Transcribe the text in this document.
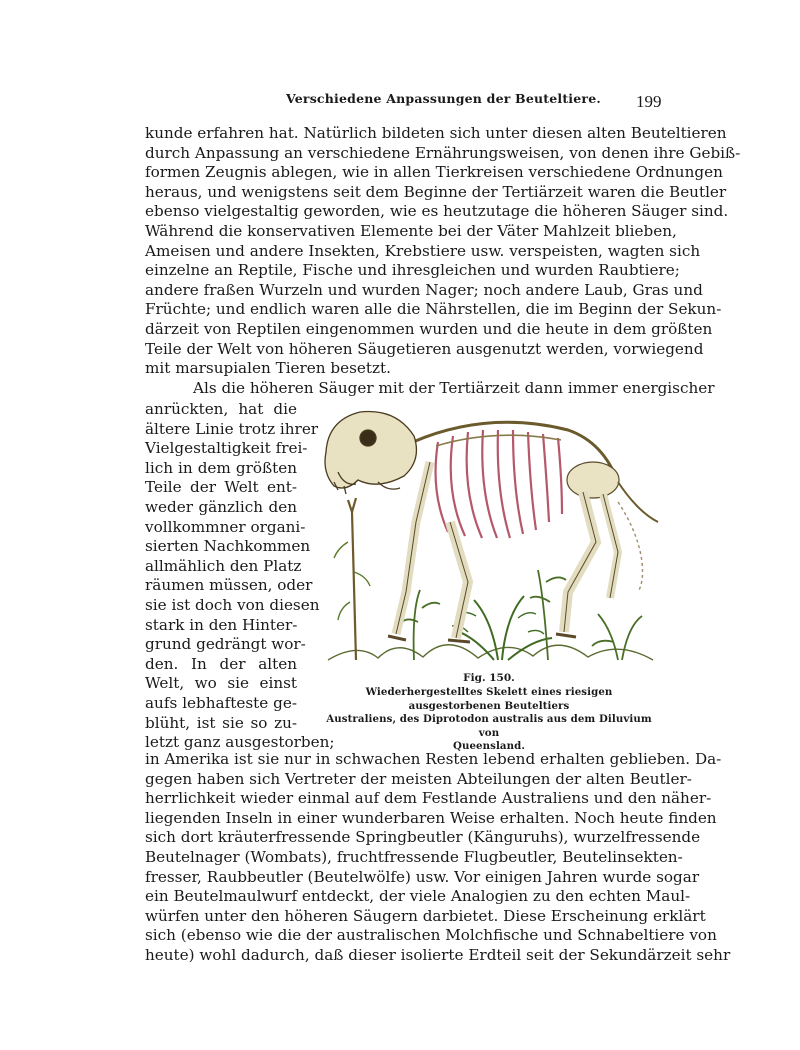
Verschiedene Anpassungen der Beuteltiere. 199
kunde erfahren hat. Natürlich bildeten sich unter diesen alten Beuteltieren
durch Anpassung an verschiedene Ernährungsweisen, von denen ihre Gebiß-
formen Zeugnis ablegen, wie in allen Tierkreisen verschiedene Ordnungen
heraus, und wenigstens seit dem Beginne der Tertiärzeit waren die Beutler
ebenso vielgestaltig geworden, wie es heutzutage die höheren Säuger sind.
Während die konservativen Elemente bei der Väter Mahlzeit blieben,
Ameisen und andere Insekten, Krebstiere usw. verspeisten, wagten sich
einzelne an Reptile, Fische und ihresgleichen und wurden Raubtiere;
andere fraßen Wurzeln und wurden Nager; noch andere Laub, Gras und
Früchte; und endlich waren alle die Nährstellen, die im Beginn der Sekun-
därzeit von Reptilen eingenommen wurden und die heute in dem größten
Teile der Welt von höheren Säugetieren ausgenutzt werden, vorwiegend
mit marsupialen Tieren besetzt.
Als die höheren Säuger mit der Tertiärzeit dann immer energischer
anrückten, hat die
ältere Linie trotz ihrer
Vielgestaltigkeit frei-
lich in dem größten
Teile der Welt ent-
weder gänzlich den
vollkommner organi-
sierten Nachkommen
allmählich den Platz
räumen müssen, oder
sie ist doch von diesen
stark in den Hinter-
grund gedrängt wor-
den. In der alten
Welt, wo sie einst
aufs lebhafteste ge-
blüht, ist sie so zu-
letzt ganz ausgestorben;
Fig. 150.
Wiederhergestelltes Skelett eines riesigen ausgestorbenen Beuteltiers
Australiens, des Diprotodon australis aus dem Diluvium von
Queensland.
in Amerika ist sie nur in schwachen Resten lebend erhalten geblieben. Da-
gegen haben sich Vertreter der meisten Abteilungen der alten Beutler-
herrlichkeit wieder einmal auf dem Festlande Australiens und den näher-
liegenden Inseln in einer wunderbaren Weise erhalten. Noch heute finden
sich dort kräuterfressende Springbeutler (Känguruhs), wurzelfressende
Beutelnager (Wombats), fruchtfressende Flugbeutler, Beutelinsekten-
fresser, Raubbeutler (Beutelwölfe) usw. Vor einigen Jahren wurde sogar
ein Beutelmaulwurf entdeckt, der viele Analogien zu den echten Maul-
würfen unter den höheren Säugern darbietet. Diese Erscheinung erklärt
sich (ebenso wie die der australischen Molchfische und Schnabeltiere von
heute) wohl dadurch, daß dieser isolierte Erdteil seit der Sekundärzeit sehr
